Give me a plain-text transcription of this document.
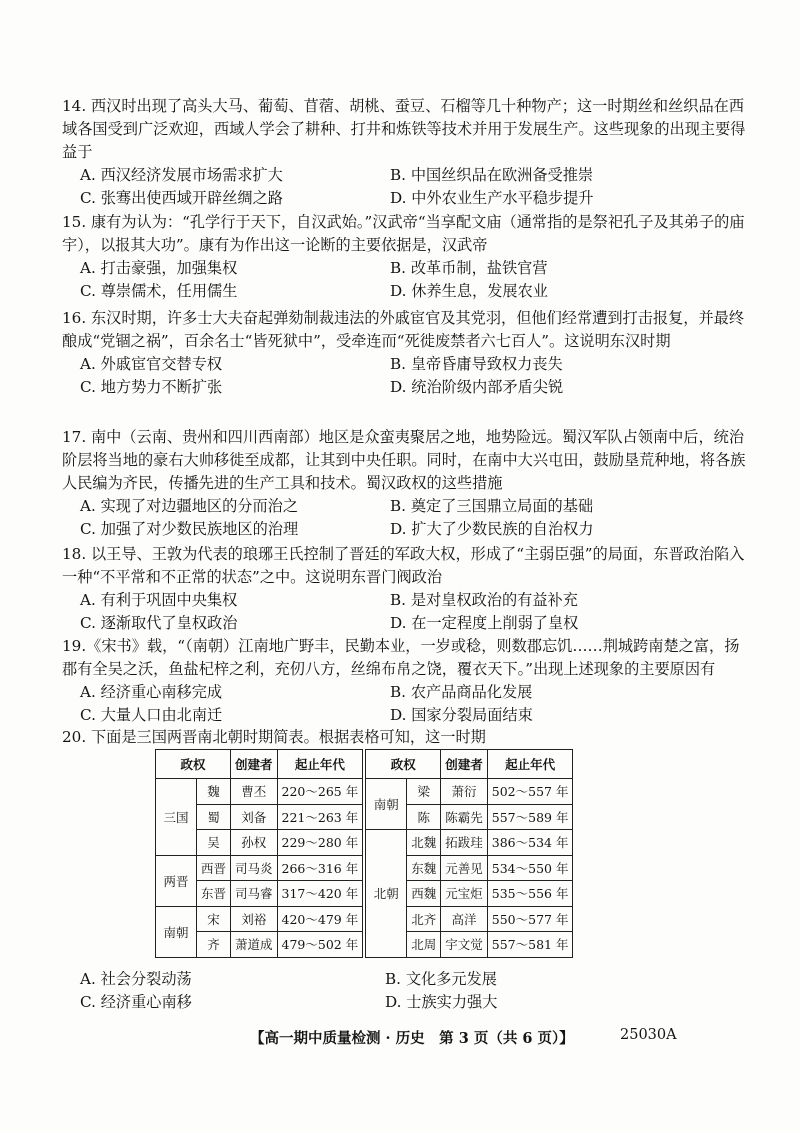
14. 西汉时出现了高头大马、葡萄、苜蓿、胡桃、蚕豆、石榴等几十种物产；这一时期丝和丝织品在西域各国受到广泛欢迎，西域人学会了耕种、打井和炼铁等技术并用于发展生产。这些现象的出现主要得益于

A. 西汉经济发展市场需求扩大	B. 中国丝织品在欧洲备受推崇
C. 张骞出使西域开辟丝绸之路	D. 中外农业生产水平稳步提升

15. 康有为认为：“孔学行于天下，自汉武始。”汉武帝“当享配文庙（通常指的是祭祀孔子及其弟子的庙宇），以报其大功”。康有为作出这一论断的主要依据是，汉武帝

A. 打击豪强，加强集权	B. 改革币制，盐铁官营
C. 尊崇儒术，任用儒生	D. 休养生息，发展农业

16. 东汉时期，许多士大夫奋起弹劾制裁违法的外戚宦官及其党羽，但他们经常遭到打击报复，并最终酿成“党锢之祸”，百余名士“皆死狱中”，受牵连而“死徙废禁者六七百人”。这说明东汉时期

A. 外戚宦官交替专权	B. 皇帝昏庸导致权力丧失
C. 地方势力不断扩张	D. 统治阶级内部矛盾尖锐

17. 南中（云南、贵州和四川西南部）地区是众蛮夷聚居之地，地势险远。蜀汉军队占领南中后，统治阶层将当地的豪右大帅移徙至成都，让其到中央任职。同时，在南中大兴屯田，鼓励垦荒种地，将各族人民编为齐民，传播先进的生产工具和技术。蜀汉政权的这些措施

A. 实现了对边疆地区的分而治之	B. 奠定了三国鼎立局面的基础
C. 加强了对少数民族地区的治理	D. 扩大了少数民族的自治权力

18. 以王导、王敦为代表的琅琊王氏控制了晋廷的军政大权，形成了“主弱臣强”的局面，东晋政治陷入一种“不平常和不正常的状态”之中。这说明东晋门阀政治

A. 有利于巩固中央集权	B. 是对皇权政治的有益补充
C. 逐渐取代了皇权政治	D. 在一定程度上削弱了皇权

19.《宋书》载，“（南朝）江南地广野丰，民勤本业，一岁或稔，则数郡忘饥……荆城跨南楚之富，扬郡有全吴之沃，鱼盐杞梓之利，充仞八方，丝绵布帛之饶，覆衣天下。”出现上述现象的主要原因有

A. 经济重心南移完成	B. 农产品商品化发展
C. 大量人口由北南迁	D. 国家分裂局面结束

20. 下面是三国两晋南北朝时期简表。根据表格可知，这一时期

政权		创建者	起止年代		政权		创建者	起止年代
三国	魏	曹丕	220～265 年		南朝	梁	萧衍	502～557 年
	蜀	刘备	221～263 年			陈	陈霸先	557～589 年
	吴	孙权	229～280 年		北朝	北魏	拓跋珪	386～534 年
两晋	西晋	司马炎	266～316 年			东魏	元善见	534～550 年
	东晋	司马睿	317～420 年			西魏	元宝炬	535～556 年
南朝	宋	刘裕	420～479 年			北齐	高洋	550～577 年
	齐	萧道成	479～502 年			北周	宇文觉	557～581 年
A. 社会分裂动荡	B. 文化多元发展
C. 经济重心南移	D. 士族实力强大
【高一期中质量检测 · 历史　第 3 页（共 6 页）】	25030A
